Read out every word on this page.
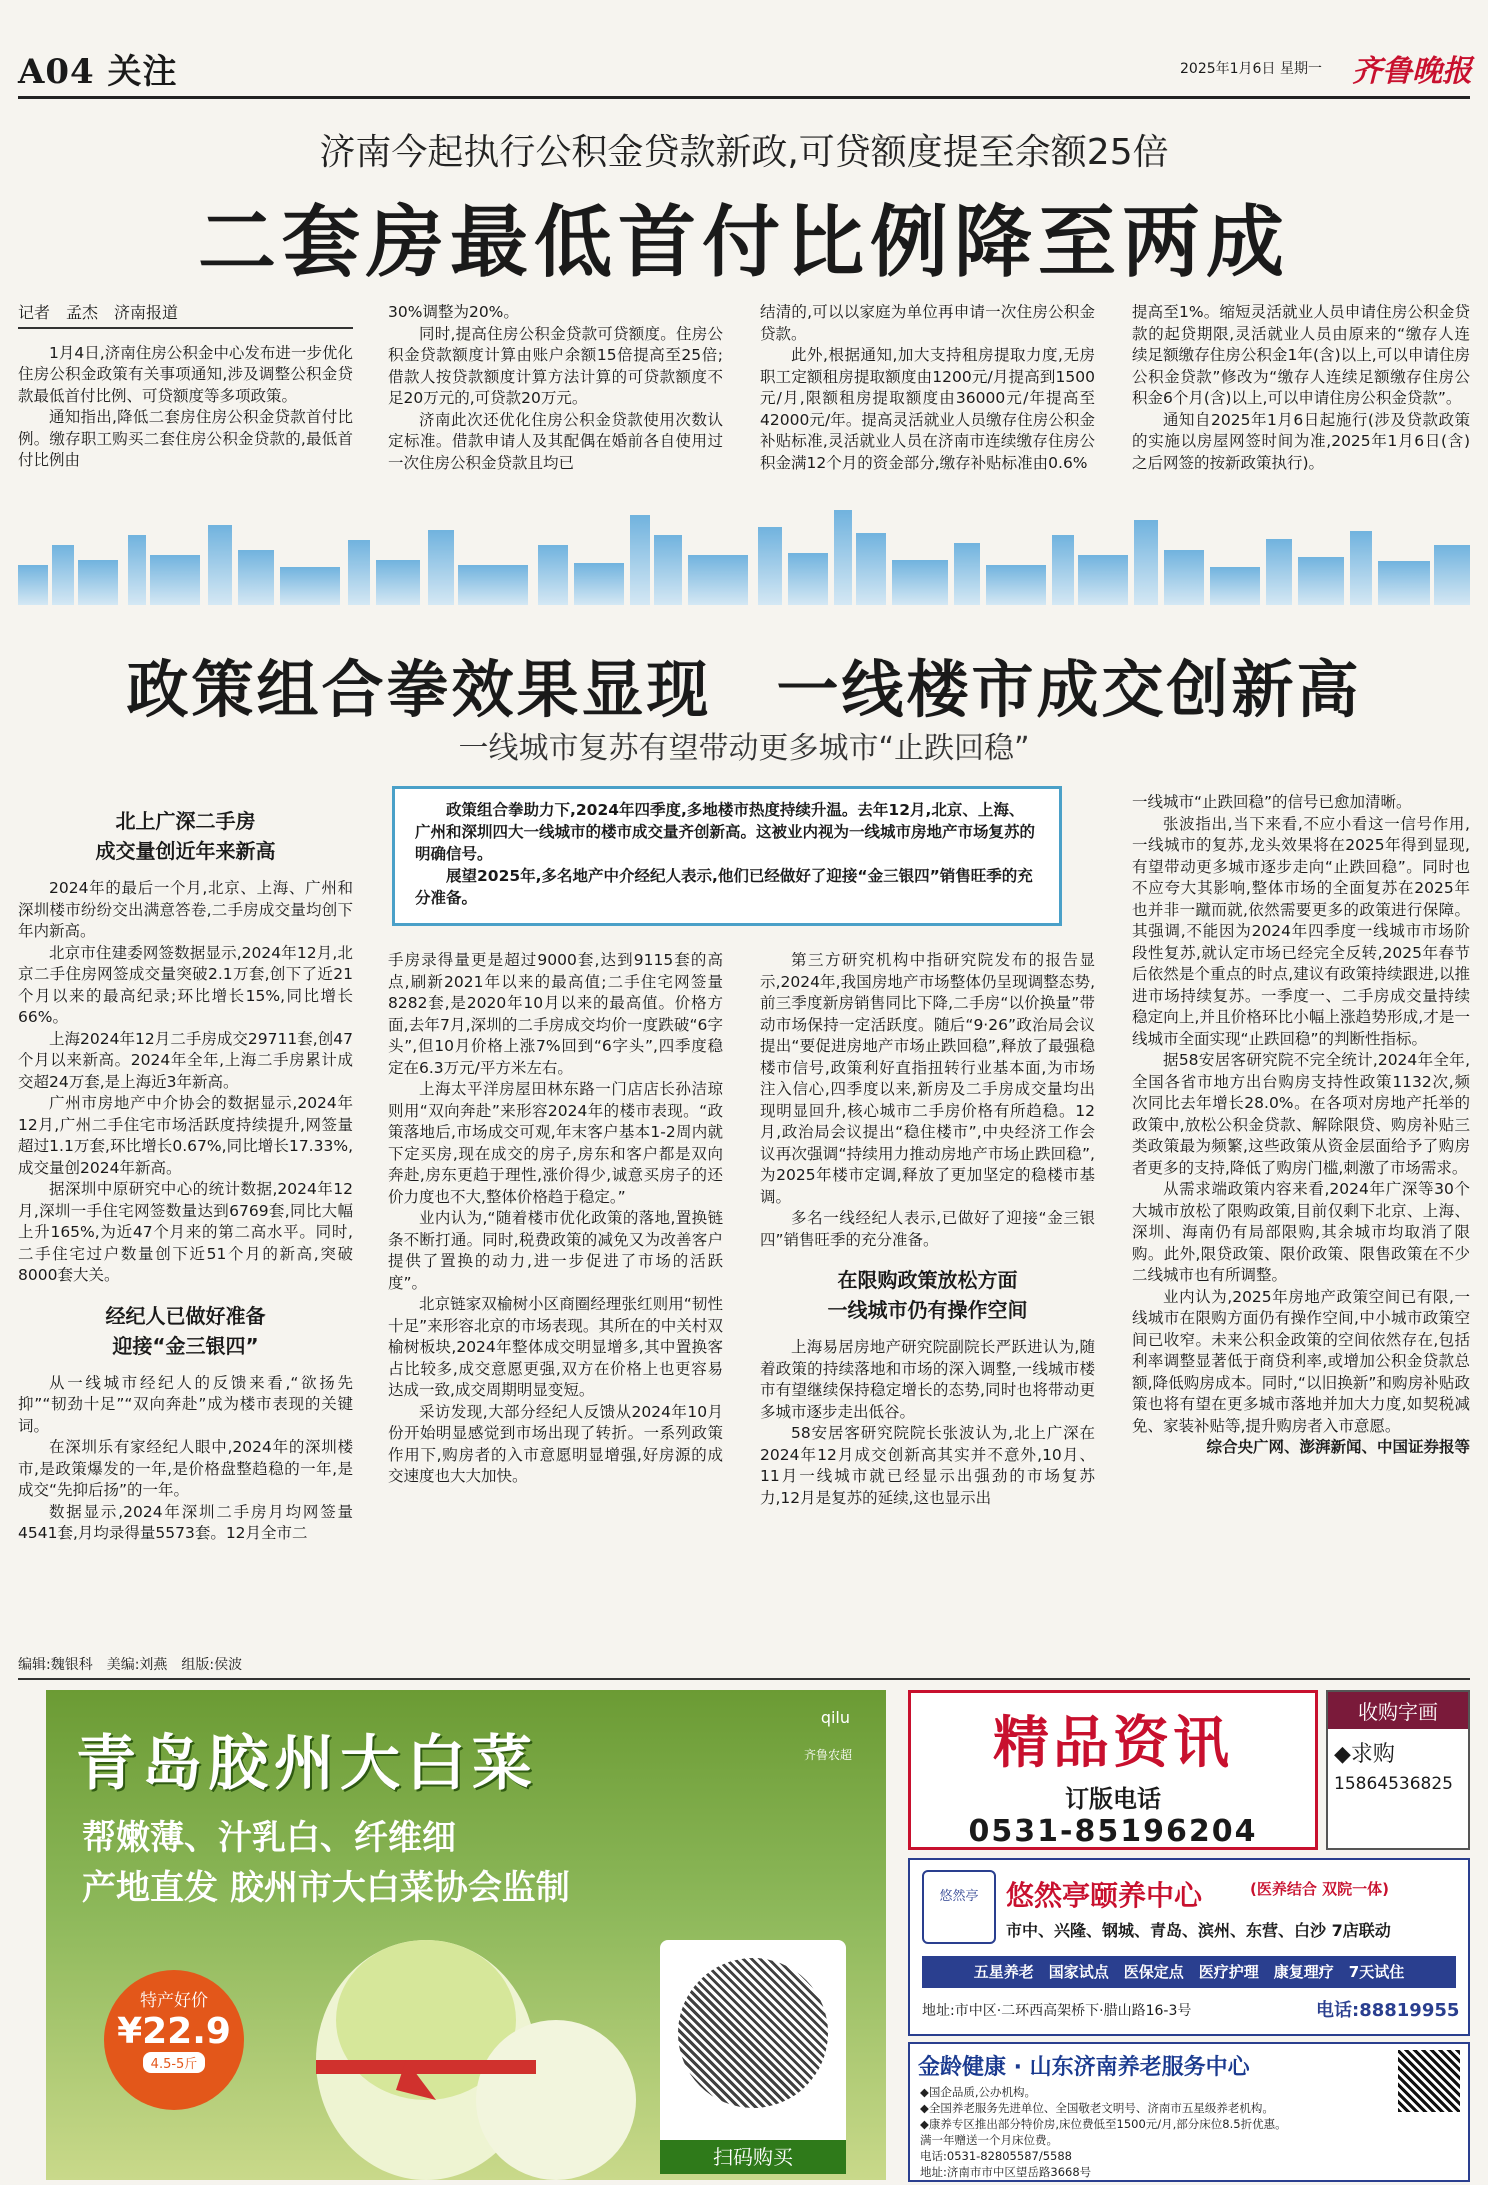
A04 关注	2025年1月6日 星期一 齐鲁晚报
济南今起执行公积金贷款新政,可贷额度提至余额25倍
二套房最低首付比例降至两成
记者　孟杰　济南报道

1月4日,济南住房公积金中心发布进一步优化住房公积金政策有关事项通知,涉及调整公积金贷款最低首付比例、可贷额度等多项政策。

通知指出,降低二套房住房公积金贷款首付比例。缴存职工购买二套住房公积金贷款的,最低首付比例由

30%调整为20%。

同时,提高住房公积金贷款可贷额度。住房公积金贷款额度计算由账户余额15倍提高至25倍;借款人按贷款额度计算方法计算的可贷款额度不足20万元的,可贷款20万元。

济南此次还优化住房公积金贷款使用次数认定标准。借款申请人及其配偶在婚前各自使用过一次住房公积金贷款且均已

结清的,可以以家庭为单位再申请一次住房公积金贷款。

此外,根据通知,加大支持租房提取力度,无房职工定额租房提取额度由1200元/月提高到1500元/月,限额租房提取额度由36000元/年提高至42000元/年。提高灵活就业人员缴存住房公积金补贴标准,灵活就业人员在济南市连续缴存住房公积金满12个月的资金部分,缴存补贴标准由0.6%

提高至1%。缩短灵活就业人员申请住房公积金贷款的起贷期限,灵活就业人员由原来的“缴存人连续足额缴存住房公积金1年(含)以上,可以申请住房公积金贷款”修改为“缴存人连续足额缴存住房公积金6个月(含)以上,可以申请住房公积金贷款”。

通知自2025年1月6日起施行(涉及贷款政策的实施以房屋网签时间为准,2025年1月6日(含)之后网签的按新政策执行)。

政策组合拳效果显现　一线楼市成交创新高
一线城市复苏有望带动更多城市“止跌回稳”

政策组合拳助力下,2024年四季度,多地楼市热度持续升温。去年12月,北京、上海、广州和深圳四大一线城市的楼市成交量齐创新高。这被业内视为一线城市房地产市场复苏的明确信号。

展望2025年,多名地产中介经纪人表示,他们已经做好了迎接“金三银四”销售旺季的充分准备。

北上广深二手房
成交量创近年来新高

2024年的最后一个月,北京、上海、广州和深圳楼市纷纷交出满意答卷,二手房成交量均创下年内新高。

北京市住建委网签数据显示,2024年12月,北京二手住房网签成交量突破2.1万套,创下了近21个月以来的最高纪录;环比增长15%,同比增长66%。

上海2024年12月二手房成交29711套,创47个月以来新高。2024年全年,上海二手房累计成交超24万套,是上海近3年新高。

广州市房地产中介协会的数据显示,2024年12月,广州二手住宅市场活跃度持续提升,网签量超过1.1万套,环比增长0.67%,同比增长17.33%,成交量创2024年新高。

据深圳中原研究中心的统计数据,2024年12月,深圳一手住宅网签数量达到6769套,同比大幅上升165%,为近47个月来的第二高水平。同时,二手住宅过户数量创下近51个月的新高,突破8000套大关。

经纪人已做好准备
迎接“金三银四”

从一线城市经纪人的反馈来看,“欲扬先抑”“韧劲十足”“双向奔赴”成为楼市表现的关键词。

在深圳乐有家经纪人眼中,2024年的深圳楼市,是政策爆发的一年,是价格盘整趋稳的一年,是成交“先抑后扬”的一年。

数据显示,2024年深圳二手房月均网签量4541套,月均录得量5573套。12月全市二

手房录得量更是超过9000套,达到9115套的高点,刷新2021年以来的最高值;二手住宅网签量8282套,是2020年10月以来的最高值。价格方面,去年7月,深圳的二手房成交均价一度跌破“6字头”,但10月价格上涨7%回到“6字头”,四季度稳定在6.3万元/平方米左右。

上海太平洋房屋田林东路一门店店长孙洁琼则用“双向奔赴”来形容2024年的楼市表现。“政策落地后,市场成交可观,年末客户基本1-2周内就下定买房,现在成交的房子,房东和客户都是双向奔赴,房东更趋于理性,涨价得少,诚意买房子的还价力度也不大,整体价格趋于稳定。”

业内认为,“随着楼市优化政策的落地,置换链条不断打通。同时,税费政策的减免又为改善客户提供了置换的动力,进一步促进了市场的活跃度”。

北京链家双榆树小区商圈经理张红则用“韧性十足”来形容北京的市场表现。其所在的中关村双榆树板块,2024年整体成交明显增多,其中置换客占比较多,成交意愿更强,双方在价格上也更容易达成一致,成交周期明显变短。

采访发现,大部分经纪人反馈从2024年10月份开始明显感觉到市场出现了转折。一系列政策作用下,购房者的入市意愿明显增强,好房源的成交速度也大大加快。

第三方研究机构中指研究院发布的报告显示,2024年,我国房地产市场整体仍呈现调整态势,前三季度新房销售同比下降,二手房“以价换量”带动市场保持一定活跃度。随后“9·26”政治局会议提出“要促进房地产市场止跌回稳”,释放了最强稳楼市信号,政策利好直指扭转行业基本面,为市场注入信心,四季度以来,新房及二手房成交量均出现明显回升,核心城市二手房价格有所趋稳。12月,政治局会议提出“稳住楼市”,中央经济工作会议再次强调“持续用力推动房地产市场止跌回稳”,为2025年楼市定调,释放了更加坚定的稳楼市基调。

多名一线经纪人表示,已做好了迎接“金三银四”销售旺季的充分准备。

在限购政策放松方面
一线城市仍有操作空间

上海易居房地产研究院副院长严跃进认为,随着政策的持续落地和市场的深入调整,一线城市楼市有望继续保持稳定增长的态势,同时也将带动更多城市逐步走出低谷。

58安居客研究院院长张波认为,北上广深在2024年12月成交创新高其实并不意外,10月、11月一线城市就已经显示出强劲的市场复苏力,12月是复苏的延续,这也显示出

一线城市“止跌回稳”的信号已愈加清晰。

张波指出,当下来看,不应小看这一信号作用,一线城市的复苏,龙头效果将在2025年得到显现,有望带动更多城市逐步走向“止跌回稳”。同时也不应夸大其影响,整体市场的全面复苏在2025年也并非一蹴而就,依然需要更多的政策进行保障。其强调,不能因为2024年四季度一线城市市场阶段性复苏,就认定市场已经完全反转,2025年春节后依然是个重点的时点,建议有政策持续跟进,以推进市场持续复苏。一季度一、二手房成交量持续稳定向上,并且价格环比小幅上涨趋势形成,才是一线城市全面实现“止跌回稳”的判断性指标。

据58安居客研究院不完全统计,2024年全年,全国各省市地方出台购房支持性政策1132次,频次同比去年增长28.0%。在各项对房地产托举的政策中,放松公积金贷款、解除限贷、购房补贴三类政策最为频繁,这些政策从资金层面给予了购房者更多的支持,降低了购房门槛,刺激了市场需求。

从需求端政策内容来看,2024年广深等30个大城市放松了限购政策,目前仅剩下北京、上海、深圳、海南仍有局部限购,其余城市均取消了限购。此外,限贷政策、限价政策、限售政策在不少二线城市也有所调整。

业内认为,2025年房地产政策空间已有限,一线城市在限购方面仍有操作空间,中小城市政策空间已收窄。未来公积金政策的空间依然存在,包括利率调整显著低于商贷利率,或增加公积金贷款总额,降低购房成本。同时,“以旧换新”和购房补贴政策也将有望在更多城市落地并加大力度,如契税减免、家装补贴等,提升购房者入市意愿。

综合央广网、澎湃新闻、中国证券报等

编辑:魏银科　美编:刘燕　组版:侯波
青岛胶州大白菜
帮嫩薄、汁乳白、纤维细
产地直发 胶州市大白菜协会监制
qilu
齐鲁农超
特产好价
¥22.9
4.5-5斤
扫码购买
精品资讯
订版电话
0531-85196204
收购字画
◆求购
15864536825
悠然亭 悠然亭颐养中心	(医养结合 双院一体)
市中、兴隆、钢城、青岛、滨州、东营、白沙 7店联动
五星养老　国家试点　医保定点　医疗护理　康复理疗　7天试住
地址:市中区·二环西高架桥下·腊山路16-3号	电话:88819955
金龄健康 · 山东济南养老服务中心
◆国企品质,公办机构。
◆全国养老服务先进单位、全国敬老文明号、济南市五星级养老机构。
◆康养专区推出部分特价房,床位费低至1500元/月,部分床位8.5折优惠。
满一年赠送一个月床位费。
电话:0531-82805587/5588
地址:济南市市中区望岳路3668号
